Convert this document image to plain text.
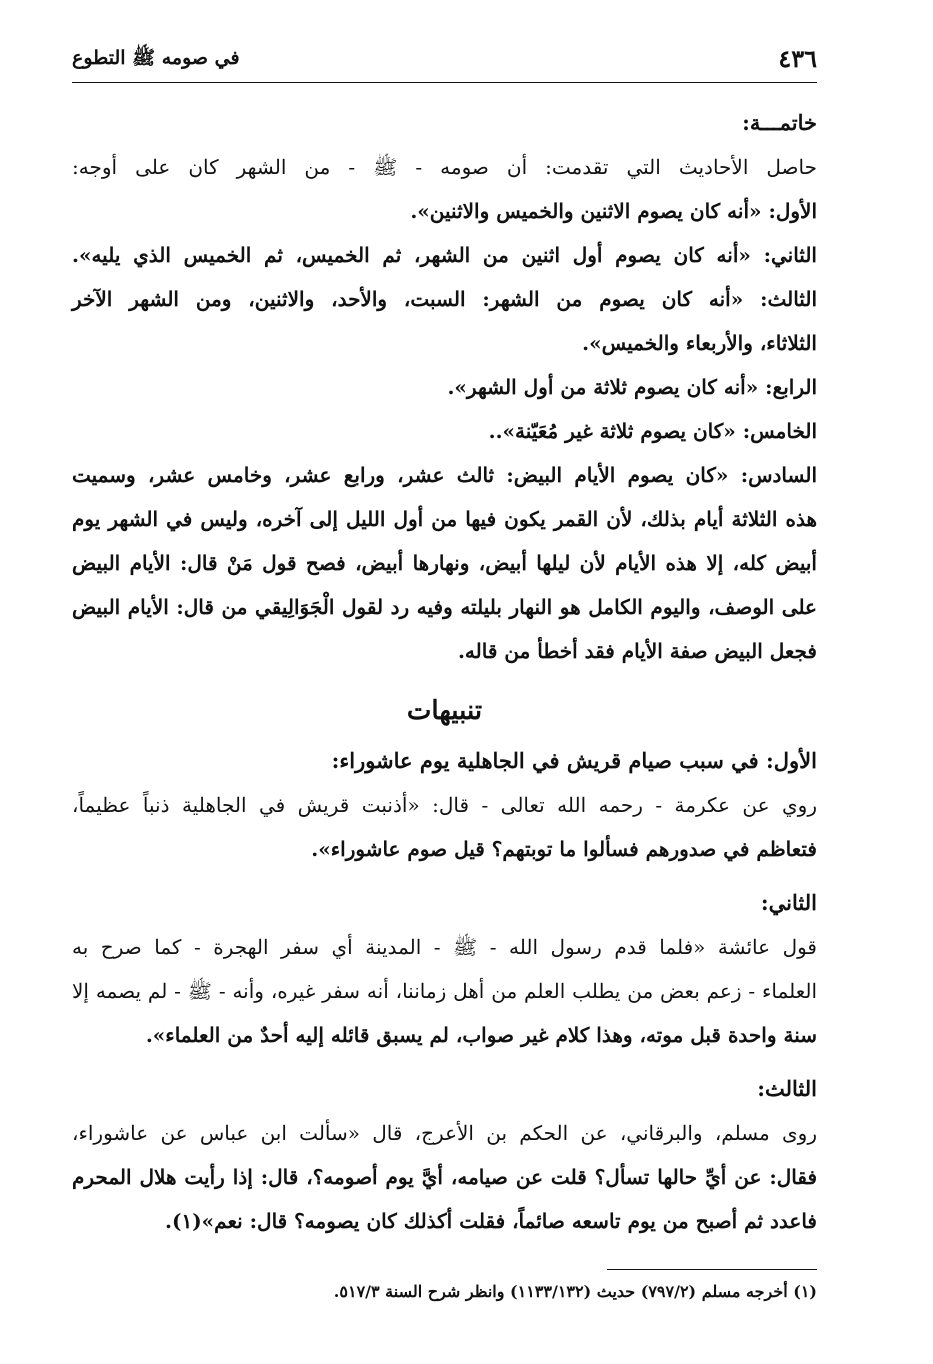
٤٣٦
في صومه ﷺ التطوع
خاتمـــة:
حاصل الأحاديث التي تقدمت: أن صومه - ﷺ - من الشهر كان على أوجه:
الأول: «أنه كان يصوم الاثنين والخميس والاثنين».
الثاني: «أنه كان يصوم أول اثنين من الشهر، ثم الخميس، ثم الخميس الذي يليه».
الثالث: «أنه كان يصوم من الشهر: السبت، والأحد، والاثنين، ومن الشهر الآخر
الثلاثاء، والأربعاء والخميس».
الرابع: «أنه كان يصوم ثلاثة من أول الشهر».
الخامس: «كان يصوم ثلاثة غير مُعَيّنة»..
السادس: «كان يصوم الأيام البيض: ثالث عشر، ورابع عشر، وخامس عشر، وسميت
هذه الثلاثة أيام بذلك، لأن القمر يكون فيها من أول الليل إلى آخره، وليس في الشهر يوم
أبيض كله، إلا هذه الأيام لأن ليلها أبيض، ونهارها أبيض، فصح قول مَنْ قال: الأيام البيض
على الوصف، واليوم الكامل هو النهار بليلته وفيه رد لقول الْجَوَالِيقي من قال: الأيام البيض
فجعل البيض صفة الأيام فقد أخطأ من قاله.
تنبيهات
الأول: في سبب صيام قريش في الجاهلية يوم عاشوراء:
روي عن عكرمة - رحمه الله تعالى - قال: «أذنبت قريش في الجاهلية ذنباً عظيماً،
فتعاظم في صدورهم فسألوا ما توبتهم؟ قيل صوم عاشوراء».
الثاني:
قول عائشة «فلما قدم رسول الله - ﷺ - المدينة أي سفر الهجرة - كما صرح به
العلماء - زعم بعض من يطلب العلم من أهل زماننا، أنه سفر غيره، وأنه - ﷺ - لم يصمه إلا
سنة واحدة قبل موته، وهذا كلام غير صواب، لم يسبق قائله إليه أحدٌ من العلماء».
الثالث:
روى مسلم، والبرقاني، عن الحكم بن الأعرج، قال «سألت ابن عباس عن عاشوراء،
فقال: عن أيِّ حالها تسأل؟ قلت عن صيامه، أيَّ يوم أصومه؟، قال: إذا رأيت هلال المحرم
فاعدد ثم أصبح من يوم تاسعه صائماً، فقلت أكذلك كان يصومه؟ قال: نعم»(١).
(١) أخرجه مسلم (٧٩٧/٢) حديث (١١٣٣/١٣٢) وانظر شرح السنة ٥١٧/٣.
